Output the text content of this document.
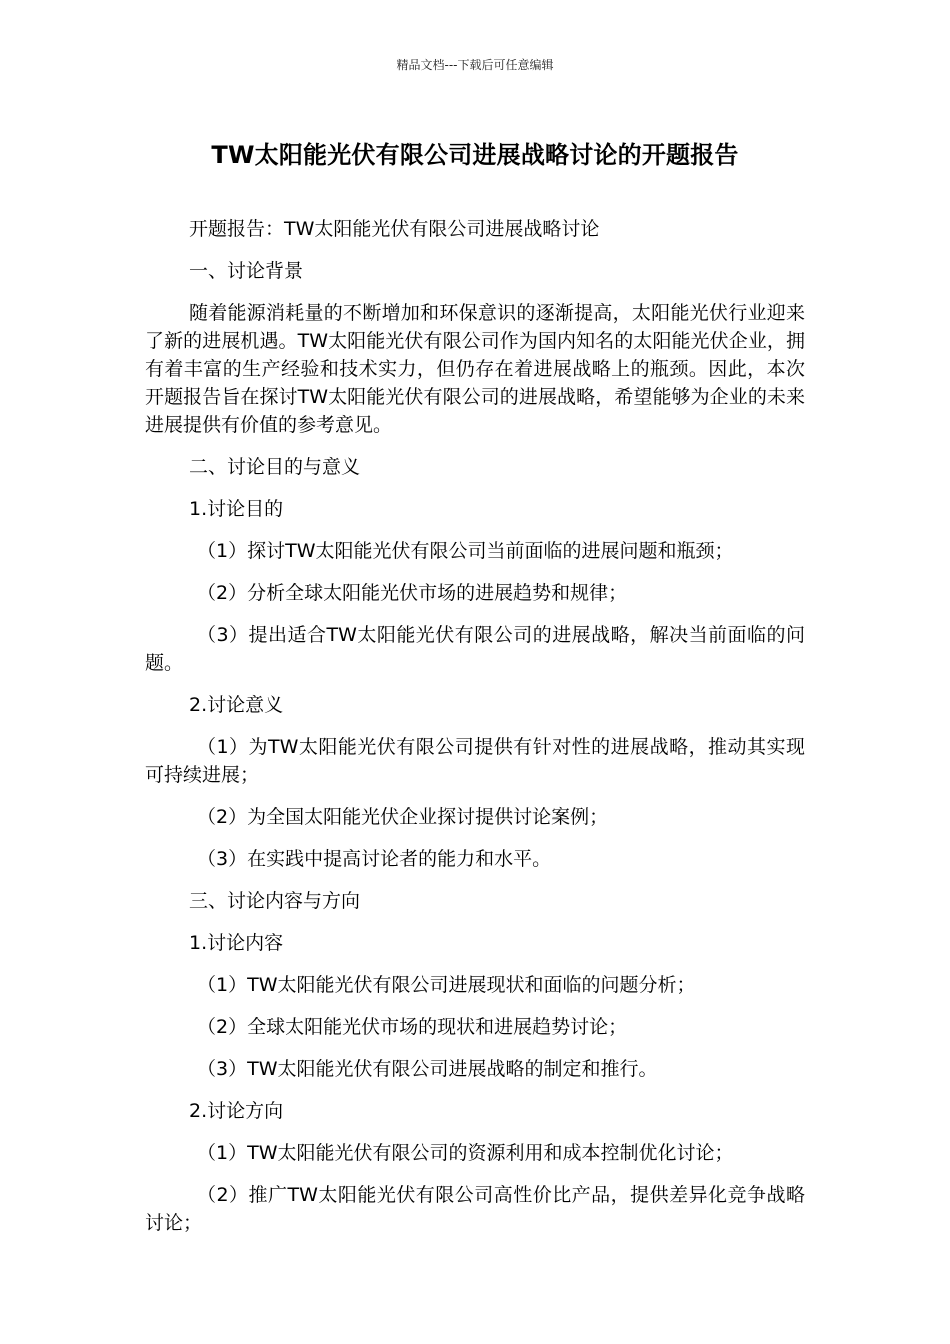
精品文档---下载后可任意编辑
TW太阳能光伏有限公司进展战略讨论的开题报告

开题报告：TW太阳能光伏有限公司进展战略讨论

一、讨论背景

随着能源消耗量的不断增加和环保意识的逐渐提高，太阳能光伏行业迎来了新的进展机遇。TW太阳能光伏有限公司作为国内知名的太阳能光伏企业，拥有着丰富的生产经验和技术实力，但仍存在着进展战略上的瓶颈。因此，本次开题报告旨在探讨TW太阳能光伏有限公司的进展战略，希望能够为企业的未来进展提供有价值的参考意见。

二、讨论目的与意义

1.讨论目的

（1）探讨TW太阳能光伏有限公司当前面临的进展问题和瓶颈；

（2）分析全球太阳能光伏市场的进展趋势和规律；

（3）提出适合TW太阳能光伏有限公司的进展战略，解决当前面临的问题。

2.讨论意义

（1）为TW太阳能光伏有限公司提供有针对性的进展战略，推动其实现可持续进展；

（2）为全国太阳能光伏企业探讨提供讨论案例；

（3）在实践中提高讨论者的能力和水平。

三、讨论内容与方向

1.讨论内容

（1）TW太阳能光伏有限公司进展现状和面临的问题分析；

（2）全球太阳能光伏市场的现状和进展趋势讨论；

（3）TW太阳能光伏有限公司进展战略的制定和推行。

2.讨论方向

（1）TW太阳能光伏有限公司的资源利用和成本控制优化讨论；

（2）推广TW太阳能光伏有限公司高性价比产品，提供差异化竞争战略讨论；
